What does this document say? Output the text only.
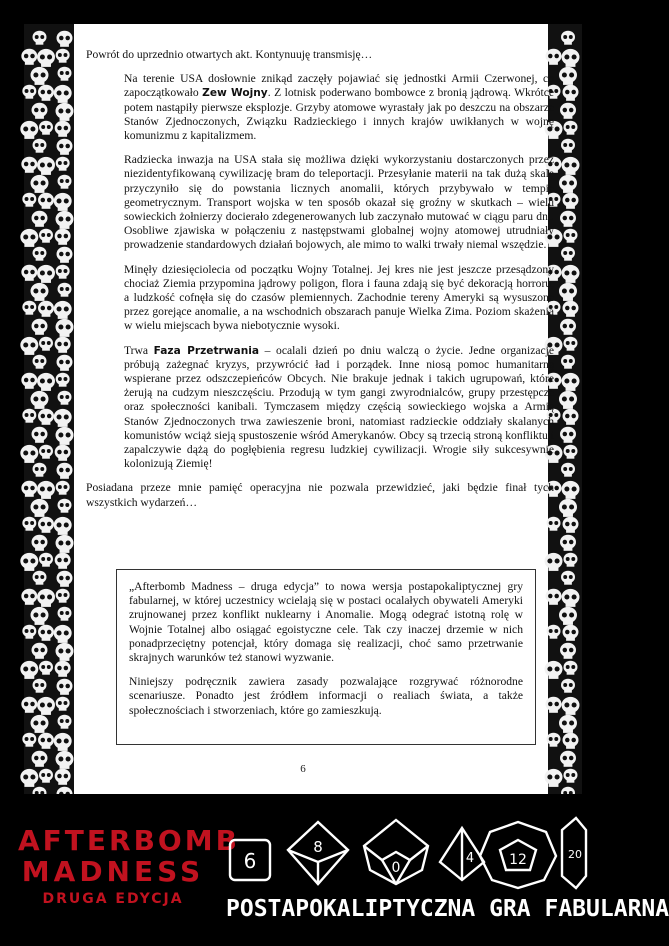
Powrót do uprzednio otwartych akt. Kontynuuję transmisję…

Na terenie USA dosłownie znikąd zaczęły pojawiać się jednostki Armii Czerwonej, co zapoczątkowało Zew Wojny. Z lotnisk poderwano bombowce z bronią jądrową. Wkrótce potem nastąpiły pierwsze eksplozje. Grzyby atomowe wyrastały jak po deszczu na obszarze Stanów Zjednoczonych, Związku Radzieckiego i innych krajów uwikłanych w wojnę komunizmu z kapitalizmem.

Radziecka inwazja na USA stała się możliwa dzięki wykorzystaniu dostarczonych przez niezidentyfikowaną cywilizację bram do teleportacji. Przesyłanie materii na tak dużą skalę przyczyniło się do powstania licznych anomalii, których przybywało w tempie geometrycznym. Transport wojska w ten sposób okazał się groźny w skutkach – wielu sowieckich żołnierzy docierało zdegenerowanych lub zaczynało mutować w ciągu paru dni. Osobliwe zjawiska w połączeniu z następstwami globalnej wojny atomowej utrudniały prowadzenie standardowych działań bojowych, ale mimo to walki trwały niemal wszędzie.

Minęły dziesięciolecia od początku Wojny Totalnej. Jej kres nie jest jeszcze przesądzony chociaż Ziemia przypomina jądrowy poligon, flora i fauna zdają się być dekoracją horroru, a ludzkość cofnęła się do czasów plemiennych. Zachodnie tereny Ameryki są wysuszone przez gorejące anomalie, a na wschodnich obszarach panuje Wielka Zima. Poziom skażenia w wielu miejscach bywa niebotycznie wysoki.

Trwa Faza Przetrwania – ocalali dzień po dniu walczą o życie. Jedne organizacje próbują zażegnać kryzys, przywrócić ład i porządek. Inne niosą pomoc humanitarną wspierane przez odszczepieńców Obcych. Nie brakuje jednak i takich ugrupowań, które żerują na cudzym nieszczęściu. Przodują w tym gangi zwyrodnialców, grupy przestępcze oraz społeczności kanibali. Tymczasem między częścią sowieckiego wojska a Armią Stanów Zjednoczonych trwa zawieszenie broni, natomiast radzieckie oddziały skalanych komunistów wciąż sieją spustoszenie wśród Amerykanów. Obcy są trzecią stroną konfliktu i zapalczywie dążą do pogłębienia regresu ludzkiej cywilizacji. Wrogie siły sukcesywnie kolonizują Ziemię!

Posiadana przeze mnie pamięć operacyjna nie pozwala przewidzieć, jaki będzie finał tych wszystkich wydarzeń…

„Afterbomb Madness – druga edycja” to nowa wersja postapokaliptycznej gry fabularnej, w której uczestnicy wcielają się w postaci ocalałych obywateli Ameryki zrujnowanej przez konflikt nuklearny i Anomalie. Mogą odegrać istotną rolę w Wojnie Totalnej albo osiągać egoistyczne cele. Tak czy inaczej drzemie w nich ponadprzeciętny potencjał, który domaga się realizacji, choć samo przetrwanie skrajnych warunków też stanowi wyzwanie.

Niniejszy podręcznik zawiera zasady pozwalające rozgrywać różnorodne scenariusze. Ponadto jest źródłem informacji o realiach świata, a także społecznościach i stworzeniach, które go zamieszkują.

6
AFTERBOMB
MADNESS
DRUGA EDYCJA
6
8
0
4 12	20
POSTAPOKALIPTYCZNA GRA FABULARNA
